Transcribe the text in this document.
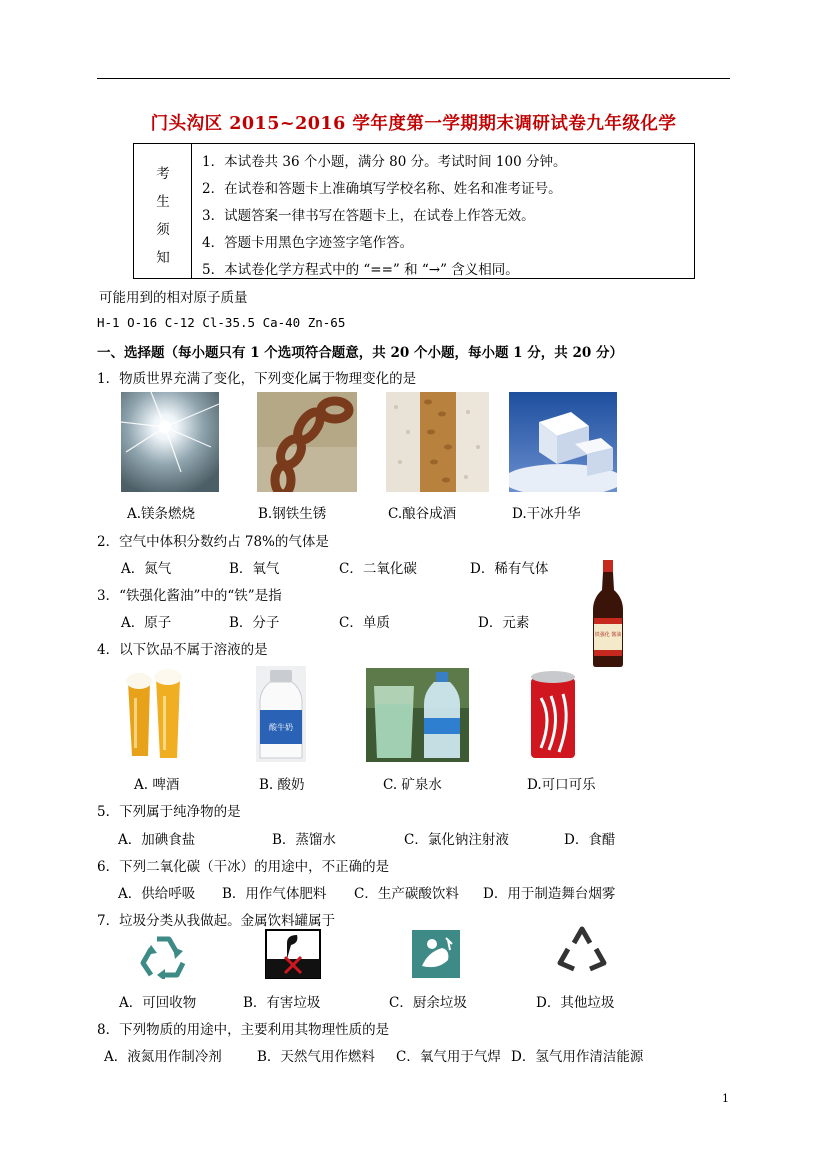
门头沟区 2015~2016 学年度第一学期期末调研试卷九年级化学
考
生
须
知
1．本试卷共 36 个小题，满分 80 分。考试时间 100 分钟。
2．在试卷和答题卡上准确填写学校名称、姓名和准考证号。
3．试题答案一律书写在答题卡上，在试卷上作答无效。
4．答题卡用黑色字迹签字笔作答。
5．本试卷化学方程式中的 “==” 和 “→” 含义相同。
可能用到的相对原子质量
H-1 O-16 C-12 Cl-35.5 Ca-40 Zn-65
一、选择题（每小题只有 1 个选项符合题意，共 20 个小题，每小题 1 分，共 20 分）
1．物质世界充满了变化，下列变化属于物理变化的是
A.镁条燃烧	B.钢铁生锈	C.酿谷成酒	D.干冰升华
2．空气中体积分数约占 78%的气体是
A．氮气	B．氧气	C．二氧化碳	D．稀有气体
3．“铁强化酱油”中的“铁”是指
A．原子	B．分子	C．单质	D．元素
铁强化 酱油
4．以下饮品不属于溶液的是
酸牛奶
A. 啤酒	B. 酸奶	C. 矿泉水	D.可口可乐
5．下列属于纯净物的是
A．加碘食盐	B．蒸馏水	C．氯化钠注射液	D．食醋
6．下列二氧化碳（干冰）的用途中，不正确的是
A．供给呼吸 B．用作气体肥料 C．生产碳酸饮料 D．用于制造舞台烟雾
7．垃圾分类从我做起。金属饮料罐属于
A．可回收物	B．有害垃圾	C．厨余垃圾	D．其他垃圾
8．下列物质的用途中，主要利用其物理性质的是
A．液氮用作制冷剂	B．天然气用作燃料 C．氧气用于气焊 D．氢气用作清洁能源
1
